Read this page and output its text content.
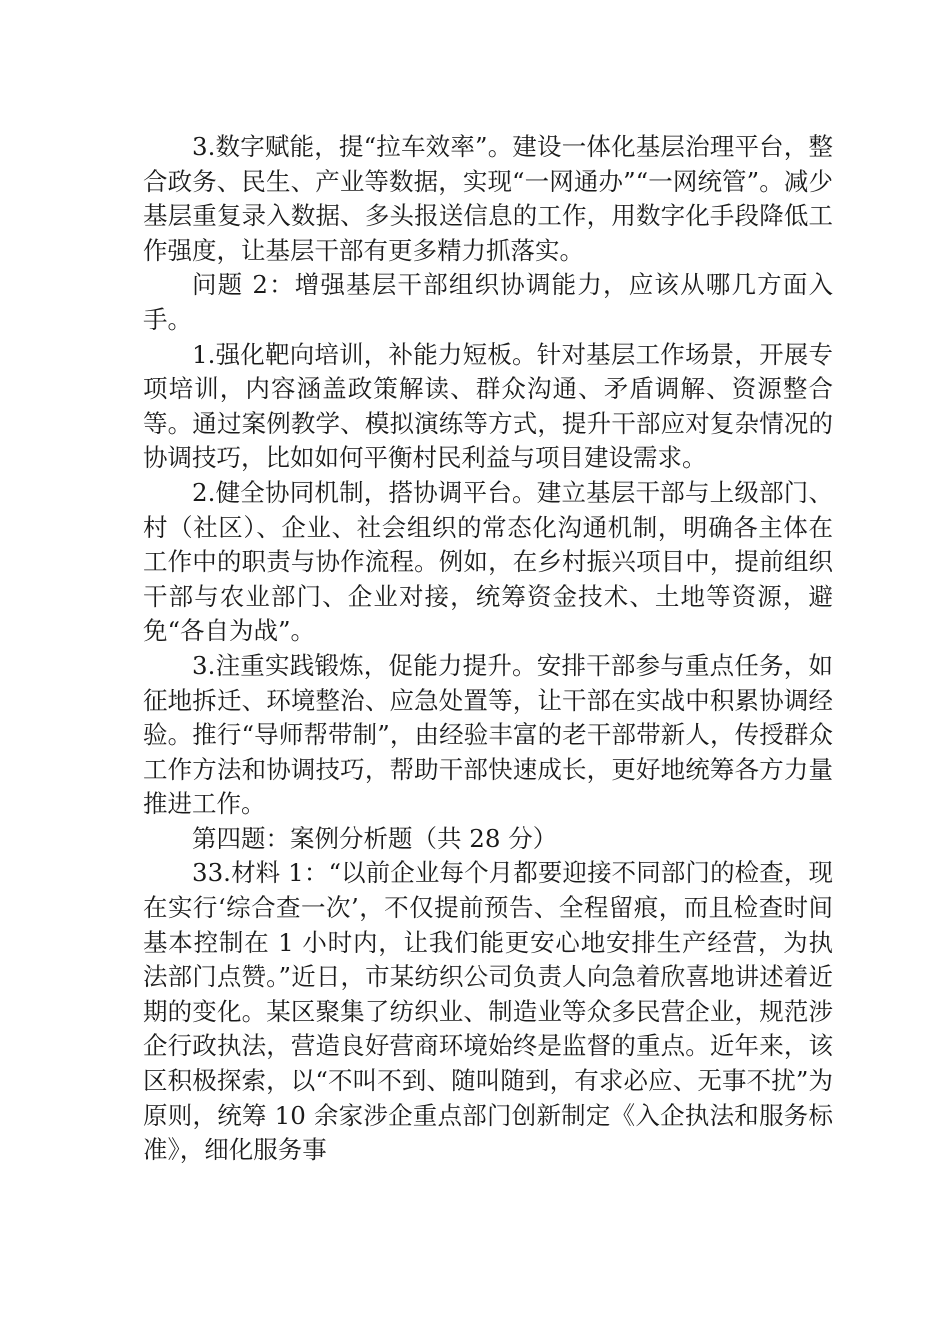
3.数字赋能，提“拉车效率”。建设一体化基层治理平台，整合政务、民生、产业等数据，实现“一网通办”“一网统管”。减少基层重复录入数据、多头报送信息的工作，用数字化手段降低工作强度，让基层干部有更多精力抓落实。

问题 2：增强基层干部组织协调能力，应该从哪几方面入手。

1.强化靶向培训，补能力短板。针对基层工作场景，开展专项培训，内容涵盖政策解读、群众沟通、矛盾调解、资源整合等。通过案例教学、模拟演练等方式，提升干部应对复杂情况的协调技巧，比如如何平衡村民利益与项目建设需求。

2.健全协同机制，搭协调平台。建立基层干部与上级部门、村（社区）、企业、社会组织的常态化沟通机制，明确各主体在工作中的职责与协作流程。例如，在乡村振兴项目中，提前组织干部与农业部门、企业对接，统筹资金技术、土地等资源，避免“各自为战”。

3.注重实践锻炼，促能力提升。安排干部参与重点任务，如征地拆迁、环境整治、应急处置等，让干部在实战中积累协调经验。推行“导师帮带制”，由经验丰富的老干部带新人，传授群众工作方法和协调技巧，帮助干部快速成长，更好地统筹各方力量推进工作。

第四题：案例分析题（共 28 分）

33.材料 1：“以前企业每个月都要迎接不同部门的检查，现在实行‘综合查一次’，不仅提前预告、全程留痕，而且检查时间基本控制在 1 小时内，让我们能更安心地安排生产经营，为执法部门点赞。”近日，市某纺织公司负责人向急着欣喜地讲述着近期的变化。某区聚集了纺织业、制造业等众多民营企业，规范涉企行政执法，营造良好营商环境始终是监督的重点。近年来，该区积极探索，以“不叫不到、随叫随到，有求必应、无事不扰”为原则，统筹 10 余家涉企重点部门创新制定《入企执法和服务标准》，细化服务事
